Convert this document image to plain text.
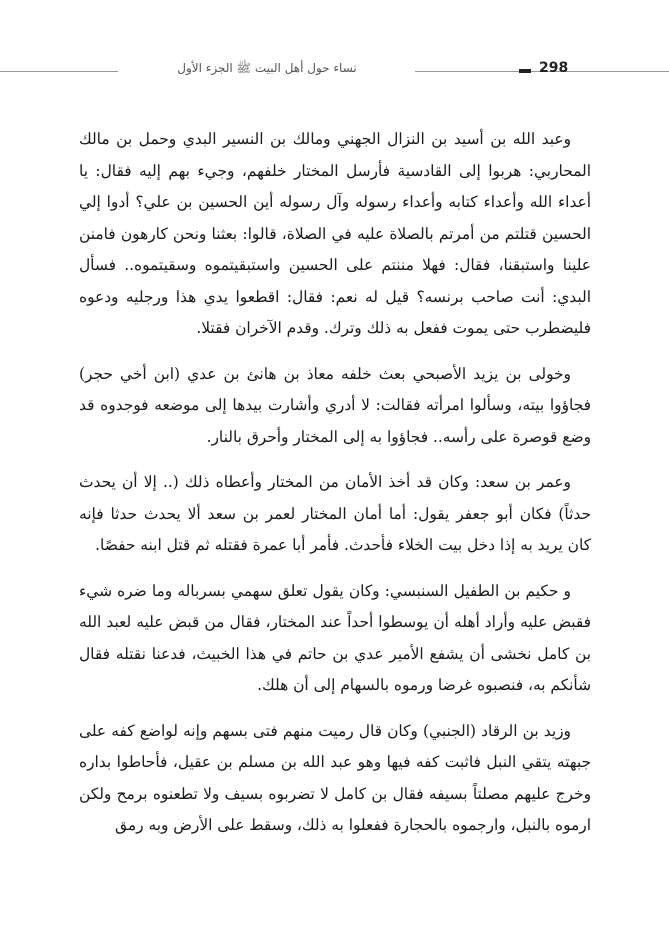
298
نساء حول أهل البيت ﷺ الجزء الأول

وعبد الله بن أسيد بن النزال الجهني ومالك بن النسير البدي وحمل بن مالك المحاربي: هربوا إلى القادسية فأرسل المختار خلفهم، وجيء بهم إليه فقال: يا أعداء الله وأعداء كتابه وأعداء رسوله وآل رسوله أين الحسين بن علي؟ أدوا إلي الحسين قتلتم من أمرتم بالصلاة عليه في الصلاة، قالوا: بعثنا ونحن كارهون فامنن علينا واستبقنا، فقال: فهلا مننتم على الحسين واستبقيتموه وسقيتموه.. فسأل البدي: أنت صاحب برنسه؟ قيل له نعم: فقال: اقطعوا يدي هذا ورجليه ودعوه فليضطرب حتى يموت ففعل به ذلك وترك. وقدم الآخران فقتلا.

وخولى بن يزيد الأصبحي بعث خلفه معاذ بن هانئ بن عدي (ابن أخي حجر) فجاؤوا بيته، وسألوا امرأته فقالت: لا أدري وأشارت بيدها إلى موضعه فوجدوه قد وضع قوصرة على رأسه.. فجاؤوا به إلى المختار وأحرق بالنار.

وعمر بن سعد: وكان قد أخذ الأمان من المختار وأعطاه ذلك (.. إلا أن يحدث حدثاً) فكان أبو جعفر يقول: أما أمان المختار لعمر بن سعد ألا يحدث حدثا فإنه كان يريد به إذا دخل بيت الخلاء فأحدث. فأمر أبا عمرة فقتله ثم قتل ابنه حفصًا.

و حكيم بن الطفيل السنبسي: وكان يقول تعلق سهمي بسرباله وما ضره شيء فقبض عليه وأراد أهله أن يوسطوا أحداً عند المختار، فقال من قبض عليه لعبد الله بن كامل نخشى أن يشفع الأمير عدي بن حاتم في هذا الخبيث، فدعنا نقتله فقال شأنكم به، فنصبوه غرضا ورموه بالسهام إلى أن هلك.

وزيد بن الرقاد (الجنبي) وكان قال رميت منهم فتى بسهم وإنه لواضع كفه على جبهته يتقي النبل فاثبت كفه فيها وهو عبد الله بن مسلم بن عقيل، فأحاطوا بداره وخرج عليهم مصلتاً بسيفه فقال بن كامل لا تضربوه بسيف ولا تطعنوه برمح ولكن ارموه بالنبل، وارجموه بالحجارة ففعلوا به ذلك، وسقط على الأرض وبه رمق
